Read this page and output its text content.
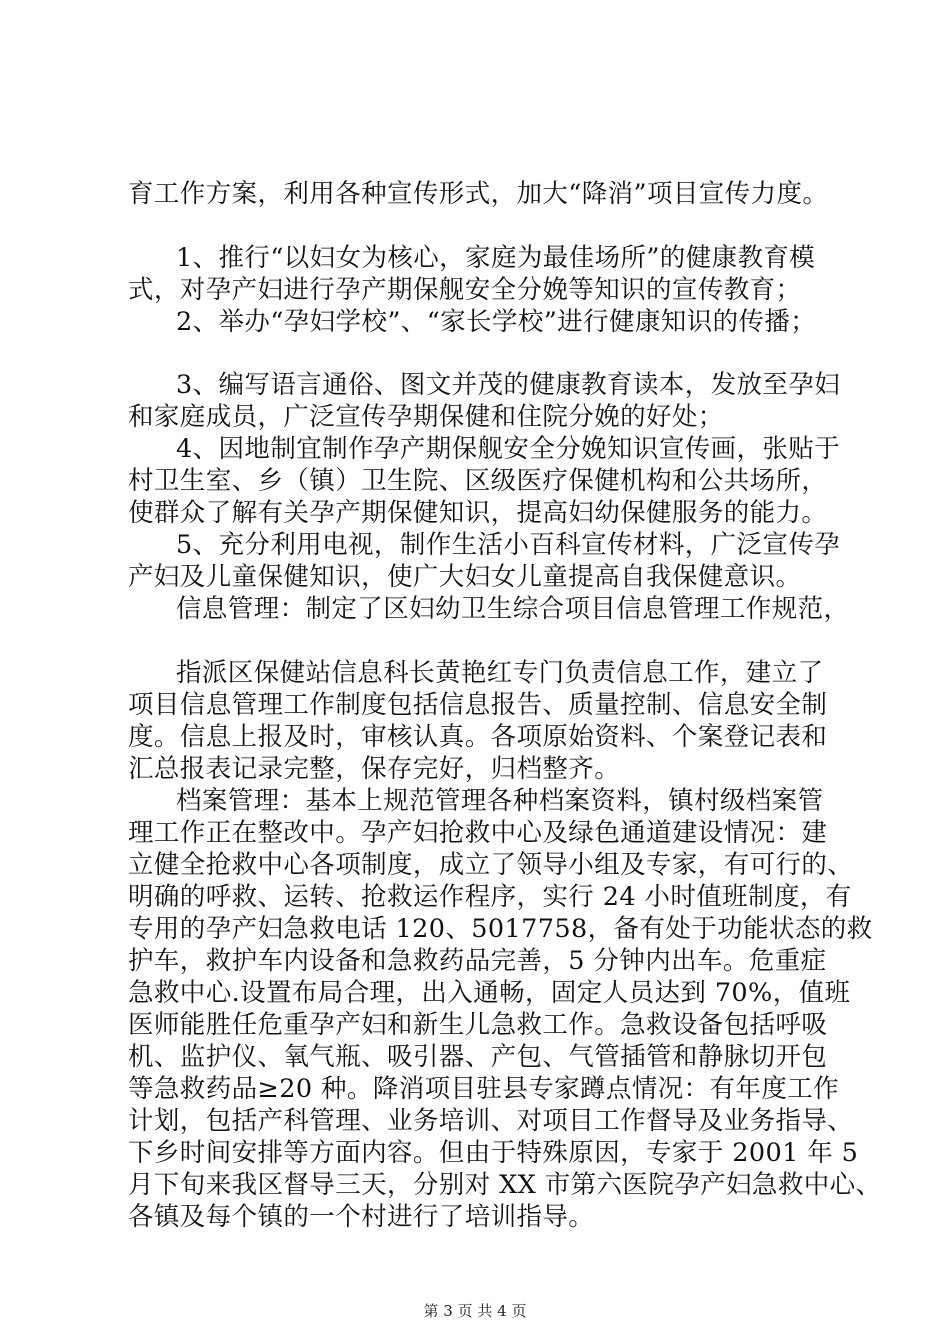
育工作方案，利用各种宣传形式，加大“降消”项目宣传力度。

1、推行“以妇女为核心，家庭为最佳场所”的健康教育模

式，对孕产妇进行孕产期保舰安全分娩等知识的宣传教育；

2、举办“孕妇学校”、“家长学校”进行健康知识的传播；

3、编写语言通俗、图文并茂的健康教育读本，发放至孕妇

和家庭成员，广泛宣传孕期保健和住院分娩的好处；

4、因地制宜制作孕产期保舰安全分娩知识宣传画，张贴于

村卫生室、乡（镇）卫生院、区级医疗保健机构和公共场所，

使群众了解有关孕产期保健知识，提高妇幼保健服务的能力。

5、充分利用电视，制作生活小百科宣传材料，广泛宣传孕

产妇及儿童保健知识，使广大妇女儿童提高自我保健意识。

信息管理：制定了区妇幼卫生综合项目信息管理工作规范，

指派区保健站信息科长黄艳红专门负责信息工作，建立了

项目信息管理工作制度包括信息报告、质量控制、信息安全制

度。信息上报及时，审核认真。各项原始资料、个案登记表和

汇总报表记录完整，保存完好，归档整齐。

档案管理：基本上规范管理各种档案资料，镇村级档案管

理工作正在整改中。孕产妇抢救中心及绿色通道建设情况：建

立健全抢救中心各项制度，成立了领导小组及专家，有可行的、

明确的呼救、运转、抢救运作程序，实行 24 小时值班制度，有

专用的孕产妇急救电话 120、5017758，备有处于功能状态的救

护车，救护车内设备和急救药品完善，5 分钟内出车。危重症

急救中心.设置布局合理，出入通畅，固定人员达到 70%，值班

医师能胜任危重孕产妇和新生儿急救工作。急救设备包括呼吸

机、监护仪、氧气瓶、吸引器、产包、气管插管和静脉切开包

等急救药品≥20 种。降消项目驻县专家蹲点情况：有年度工作

计划，包括产科管理、业务培训、对项目工作督导及业务指导、

下乡时间安排等方面内容。但由于特殊原因，专家于 2001 年 5

月下旬来我区督导三天，分别对 XX 市第六医院孕产妇急救中心、

各镇及每个镇的一个村进行了培训指导。

第 3 页 共 4 页
